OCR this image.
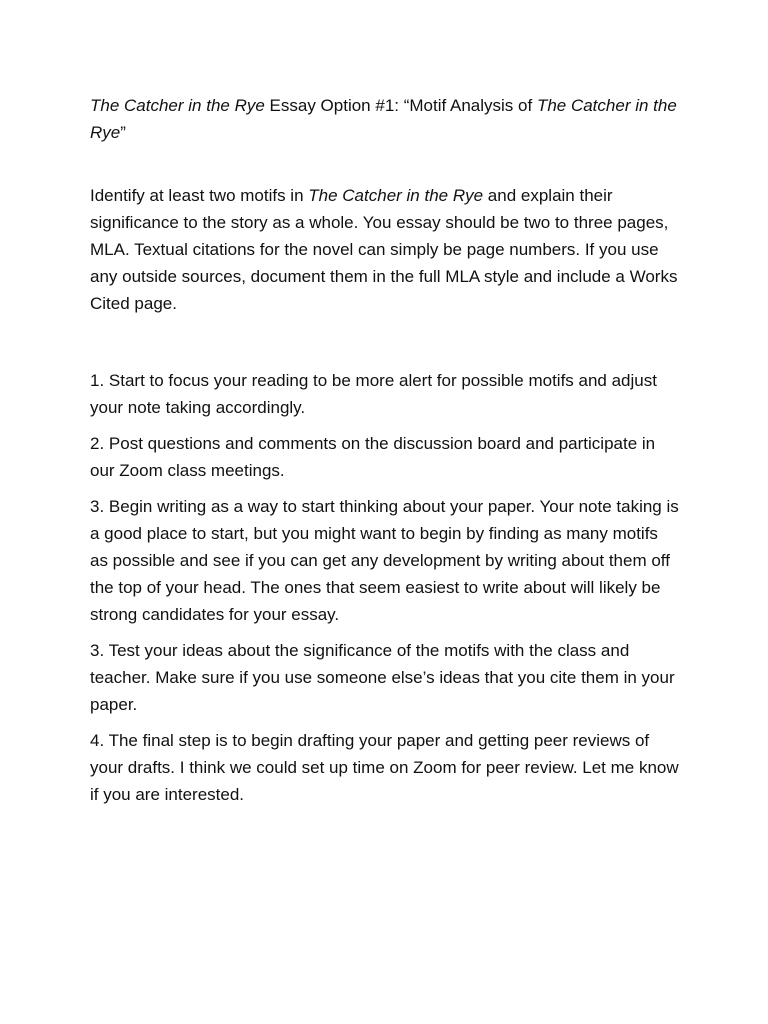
The Catcher in the Rye Essay Option #1: “Motif Analysis of The Catcher in the Rye”

Identify at least two motifs in The Catcher in the Rye and explain their significance to the story as a whole. You essay should be two to three pages, MLA. Textual citations for the novel can simply be page numbers. If you use any outside sources, document them in the full MLA style and include a Works Cited page.

1. Start to focus your reading to be more alert for possible motifs and adjust your note taking accordingly.

2. Post questions and comments on the discussion board and participate in our Zoom class meetings.

3. Begin writing as a way to start thinking about your paper. Your note taking is a good place to start, but you might want to begin by finding as many motifs as possible and see if you can get any development by writing about them off the top of your head. The ones that seem easiest to write about will likely be strong candidates for your essay.

3. Test your ideas about the significance of the motifs with the class and teacher. Make sure if you use someone else’s ideas that you cite them in your paper.

4. The final step is to begin drafting your paper and getting peer reviews of your drafts. I think we could set up time on Zoom for peer review. Let me know if you are interested.
